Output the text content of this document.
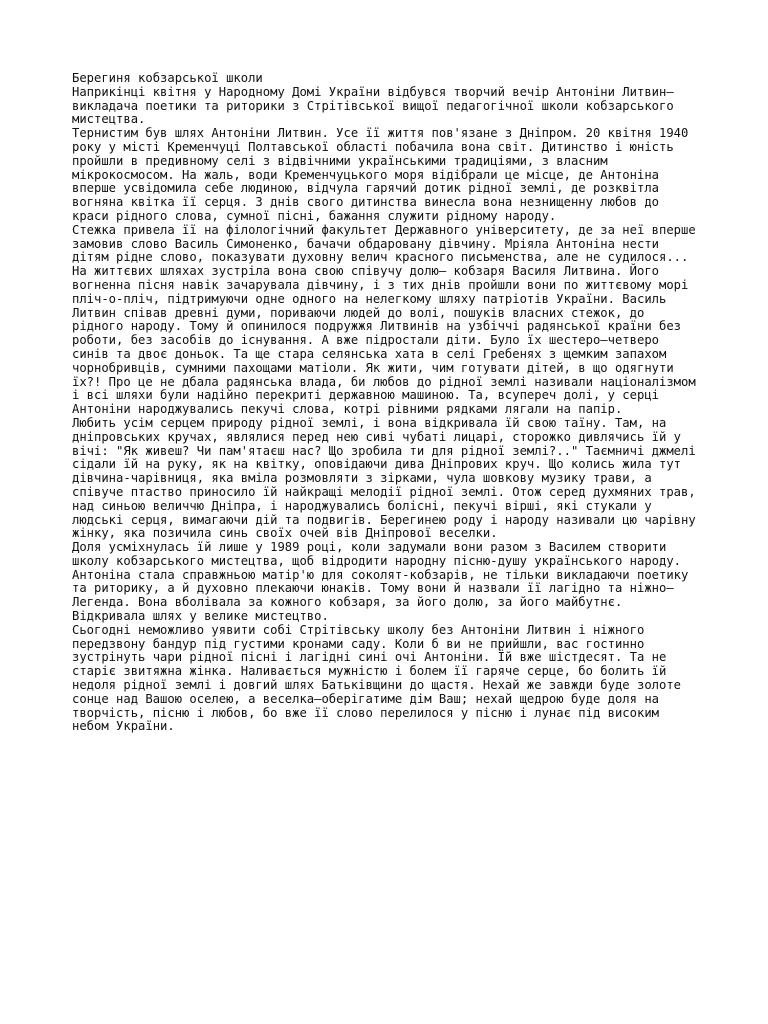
Берегиня кобзарської школи

Наприкінці квітня у Народному Домі України відбувся творчий вечір Антоніни Литвин—викладача поетики та риторики з Стрітівської вищої педагогічної школи кобзарського мистецтва.

Тернистим був шлях Антоніни Литвин. Усе її життя пов'язане з Дніпром. 20 квітня 1940 року у місті Кременчуці Полтавської області побачила вона світ. Дитинство і юність пройшли в предивному селі з відвічними українськими традиціями, з власним мікрокосмосом. На жаль, води Кременчуцького моря відібрали це місце, де Антоніна вперше усвідомила себе людиною, відчула гарячий дотик рідної землі, де розквітла вогняна квітка її серця. З днів свого дитинства винесла вона незнищенну любов до краси рідного слова, сумної пісні, бажання служити рідному народу.

Стежка привела її на філологічний факультет Державного університету, де за неї вперше замовив слово Василь Симоненко, бачачи обдаровану дівчину. Мріяла Антоніна нести дітям рідне слово, показувати духовну велич красного письменства, але не судилося... На життєвих шляхах зустріла вона свою співучу долю— кобзаря Василя Литвина. Його вогненна пісня навік зачарувала дівчину, і з тих днів пройшли вони по життєвому морі пліч-о-пліч, підтримуючи одне одного на нелегкому шляху патріотів України. Василь Литвин співав древні думи, пориваючи людей до волі, пошуків власних стежок, до рідного народу. Тому й опинилося подружжя Литвинів на узбіччі радянської країни без роботи, без засобів до існування. А вже підростали діти. Було їх шестеро—четверо синів та двоє доньок. Та ще стара селянська хата в селі Гребенях з щемким запахом чорнобривців, сумними пахощами матіоли. Як жити, чим готувати дітей, в що одягнути їх?! Про це не дбала радянська влада, би любов до рідної землі називали націоналізмом і всі шляхи були надійно перекриті державною машиною. Та, всупереч долі, у серці Антоніни народжувались пекучі слова, котрі рівними рядками лягали на папір.

Любить усім серцем природу рідної землі, і вона відкривала їй свою таїну. Там, на дніпровських кручах, являлися перед нею сиві чубаті лицарі, сторожко дивлячись їй у вічі: "Як живеш? Чи пам'ятаєш нас? Що зробила ти для рідної землі?.." Таємничі джмелі сідали їй на руку, як на квітку, оповідаючи дива Дніпрових круч. Що колись жила тут дівчина-чарівниця, яка вміла розмовляти з зірками, чула шовкову музику трави, а співуче птаство приносило їй найкращі мелодії рідної землі. Отож серед духмяних трав, над синьою величчю Дніпра, і народжувались болісні, пекучі вірші, які стукали у людські серця, вимагаючи дій та подвигів. Берегинею роду і народу називали цю чарівну жінку, яка позичила синь своїх очей вів Дніпрової веселки.

Доля усміхнулась їй лише у 1989 році, коли задумали вони разом з Василем створити школу кобзарського мистецтва, щоб відродити народну пісню-душу українського народу. Антоніна стала справжньою матір'ю для соколят-кобзарів, не тільки викладаючи поетику та риторику, а й духовно плекаючи юнаків. Тому вони й назвали її лагідно та ніжно— Легенда. Вона вболівала за кожного кобзаря, за його долю, за його майбутнє. Відкривала шлях у велике мистецтво.

Сьогодні неможливо уявити собі Стрітівську школу без Антоніни Литвин і ніжного передзвону бандур під густими кронами саду. Коли б ви не прийшли, вас гостинно зустрінуть чари рідної пісні і лагідні сині очі Антоніни. Їй вже шістдесят. Та не старіє звитяжна жінка. Наливається мужністю і болем її гаряче серце, бо болить їй недоля рідної землі і довгий шлях Батьківщини до щастя. Нехай же завжди буде золоте сонце над Вашою оселею, а веселка—оберігатиме дім Ваш; нехай щедрою буде доля на творчість, пісню і любов, бо вже її слово перелилося у пісню і лунає під високим небом України.
